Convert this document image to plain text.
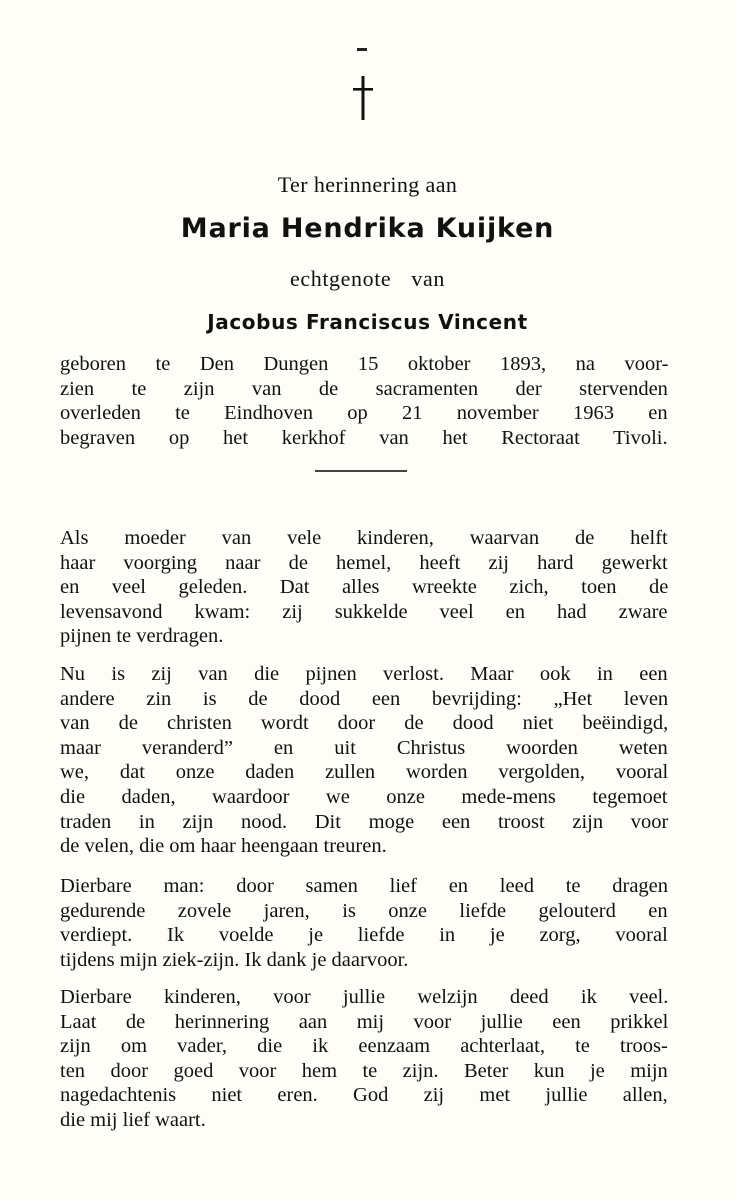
Ter herinnering aan
Maria Hendrika Kuijken
echtgenote van
Jacobus Franciscus Vincent

geboren te Den Dungen 15 oktober 1893, na voor-
zien te zijn van de sacramenten der stervenden
overleden te Eindhoven op 21 november 1963 en
begraven op het kerkhof van het Rectoraat Tivoli.

Als moeder van vele kinderen, waarvan de helft
haar voorging naar de hemel, heeft zij hard gewerkt
en veel geleden. Dat alles wreekte zich, toen de
levensavond kwam: zij sukkelde veel en had zware
pijnen te verdragen.

Nu is zij van die pijnen verlost. Maar ook in een
andere zin is de dood een bevrijding: „Het leven
van de christen wordt door de dood niet beëindigd,
maar veranderd” en uit Christus woorden weten
we, dat onze daden zullen worden vergolden, vooral
die daden, waardoor we onze mede-mens tegemoet
traden in zijn nood. Dit moge een troost zijn voor
de velen, die om haar heengaan treuren.

Dierbare man: door samen lief en leed te dragen
gedurende zovele jaren, is onze liefde gelouterd en
verdiept. Ik voelde je liefde in je zorg, vooral
tijdens mijn ziek-zijn. Ik dank je daarvoor.

Dierbare kinderen, voor jullie welzijn deed ik veel.
Laat de herinnering aan mij voor jullie een prikkel
zijn om vader, die ik eenzaam achterlaat, te troos-
ten door goed voor hem te zijn. Beter kun je mijn
nagedachtenis niet eren. God zij met jullie allen,
die mij lief waart.
